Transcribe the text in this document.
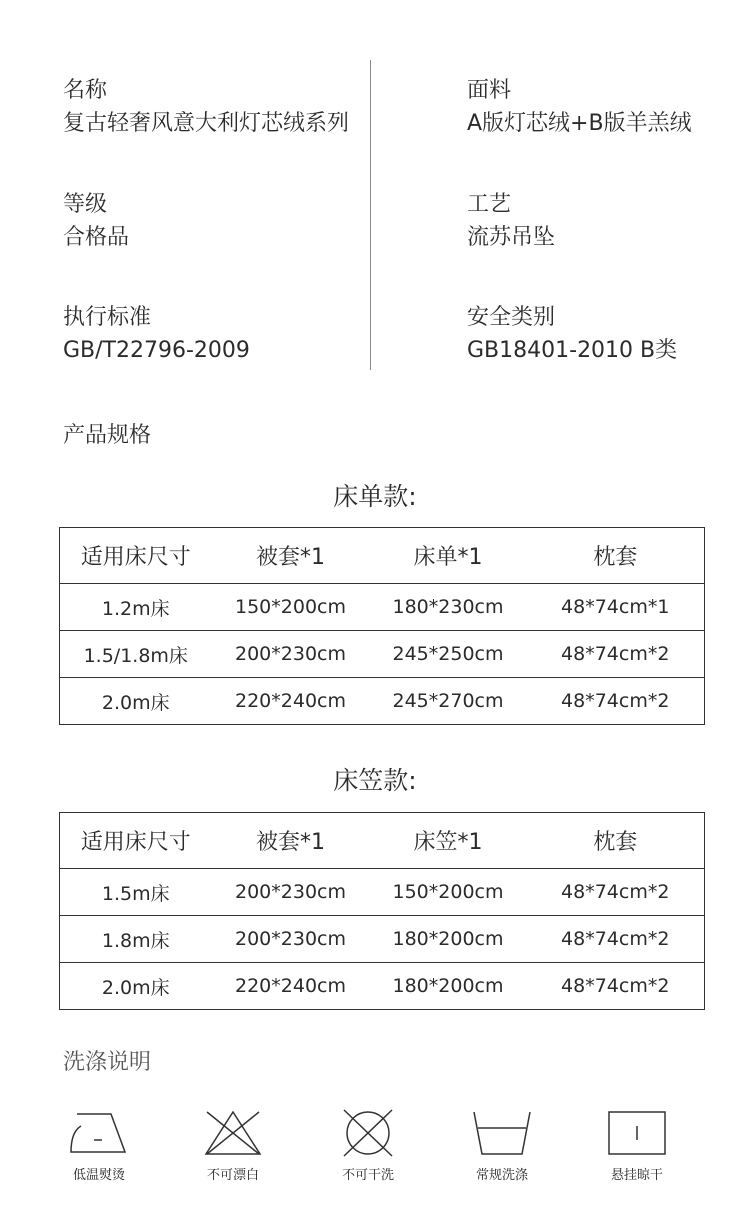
名称
复古轻奢风意大利灯芯绒系列
面料
A版灯芯绒+B版羊羔绒
等级
合格品
工艺
流苏吊坠
执行标准
GB/T22796-2009
安全类别
GB18401-2010 B类
产品规格
床单款:
适用床尺寸	被套*1	床单*1	枕套
1.2m床	150*200cm	180*230cm	48*74cm*1
1.5/1.8m床	200*230cm	245*250cm	48*74cm*2
2.0m床	220*240cm	245*270cm	48*74cm*2
床笠款:
适用床尺寸	被套*1	床笠*1	枕套
1.5m床	200*230cm	150*200cm	48*74cm*2
1.8m床	200*230cm	180*200cm	48*74cm*2
2.0m床	220*240cm	180*200cm	48*74cm*2
洗涤说明
低温熨烫	不可漂白	不可干洗	常规洗涤	悬挂晾干
